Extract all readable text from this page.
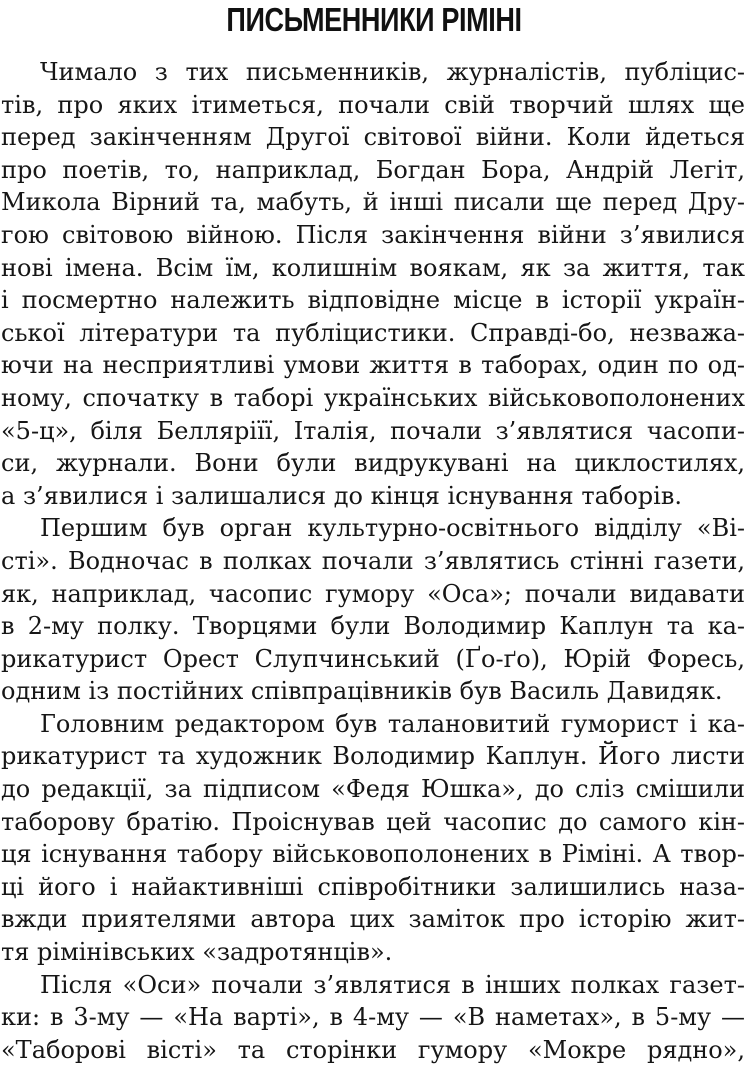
ПИСЬМЕННИКИ РІМІНІ
Чимало з тих письменників, журналістів, публіцис-
тів, про яких ітиметься, почали свій творчий шлях ще
перед закінченням Другої світової війни. Коли йдеться
про поетів, то, наприклад, Богдан Бора, Андрій Легіт,
Микола Вірний та, мабуть, й інші писали ще перед Дру-
гою світовою війною. Після закінчення війни з’явилися
нові імена. Всім їм, колишнім воякам, як за життя, так
і посмертно належить відповідне місце в історії україн-
ської літератури та публіцистики. Справді-бо, незважа-
ючи на несприятливі умови життя в таборах, один по од-
ному, спочатку в таборі українських військовополонених
«5-ц», біля Белляріїї, Італія, почали з’являтися часопи-
си, журнали. Вони були видрукувані на циклостилях,
а з’явилися і залишалися до кінця існування таборів.
Першим був орган культурно-освітнього відділу «Ві-
сті». Водночас в полках почали з’являтись стінні газети,
як, наприклад, часопис гумору «Оса»; почали видавати
в 2-му полку. Творцями були Володимир Каплун та ка-
рикатурист Орест Слупчинський (Ґо-ґо), Юрій Форесь,
одним із постійних співпрацівників був Василь Давидяк.
Головним редактором був талановитий гуморист і ка-
рикатурист та художник Володимир Каплун. Його листи
до редакції, за підписом «Федя Юшка», до сліз смішили
таборову братію. Проіснував цей часопис до самого кін-
ця існування табору військовополонених в Ріміні. А твор-
ці його і найактивніші співробітники залишились наза-
вжди приятелями автора цих заміток про історію жит-
тя рімінівських «задротянців».
Після «Оси» почали з’являтися в інших полках газет-
ки: в 3-му — «На варті», в 4-му — «В наметах», в 5-му —
«Таборові вісті» та сторінки гумору «Мокре рядно»,
